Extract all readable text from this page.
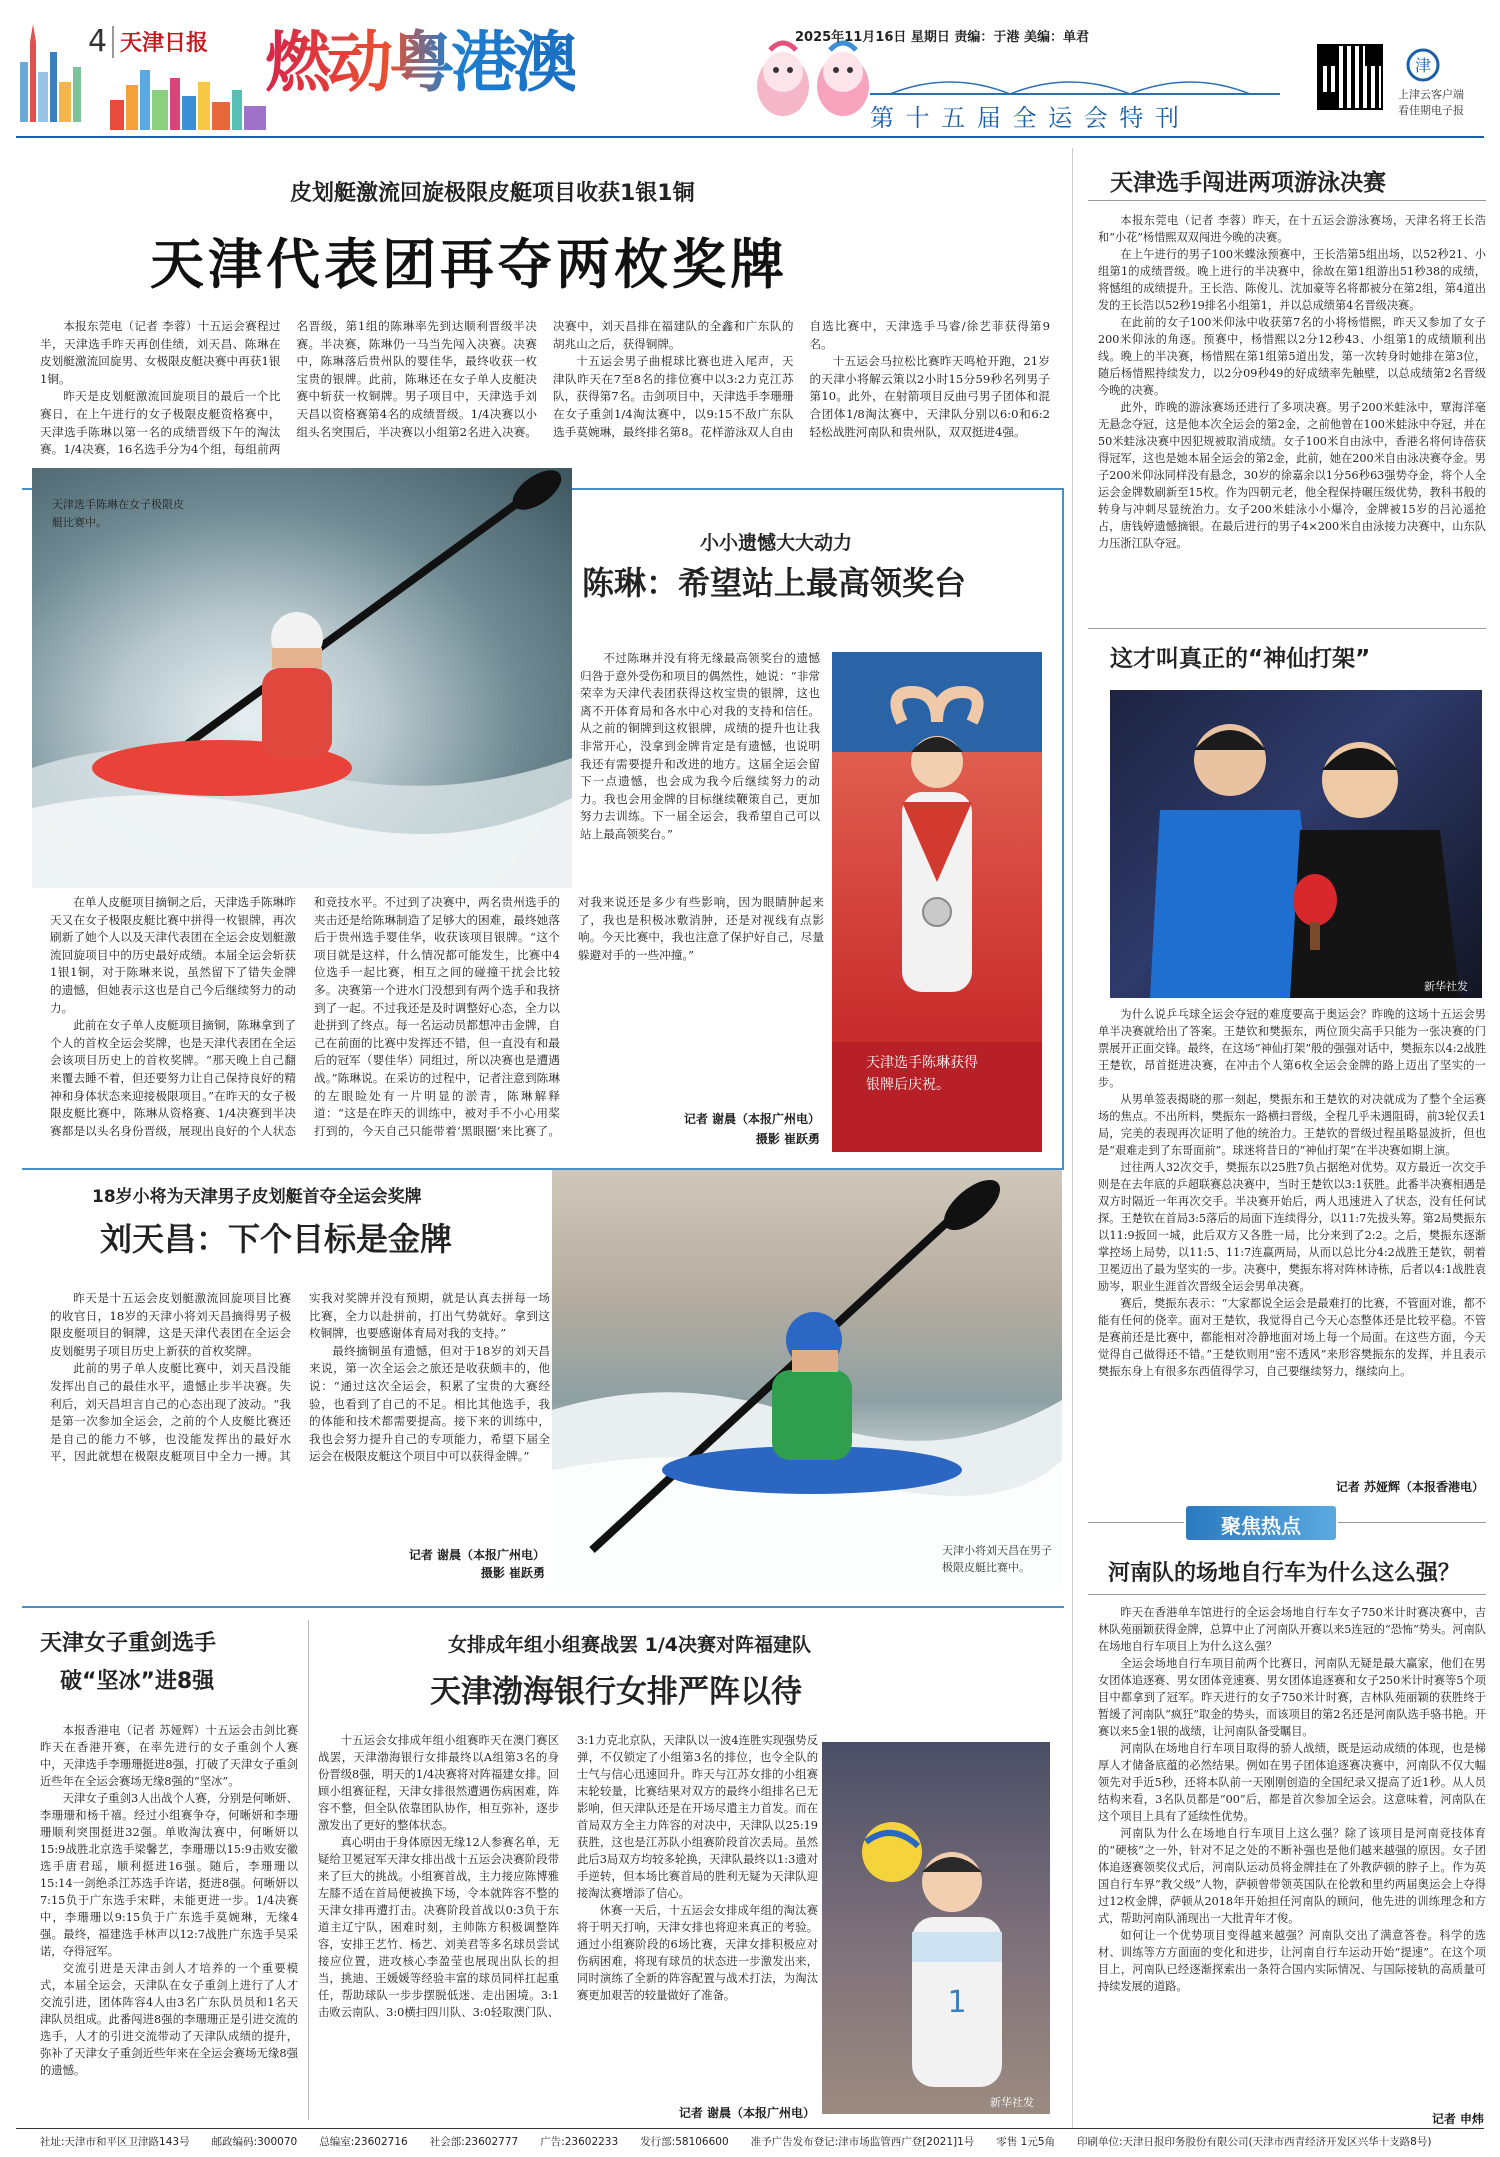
4 天津日报 燃动粤港澳	2025年11月16日 星期日 责编：于港 美编：单君
第 十 五 届 全 运 会 特 刊
津
上津云客户端
看佳期电子报
皮划艇激流回旋极限皮艇项目收获1银1铜
天津代表团再夺两枚奖牌

本报东莞电（记者 李蓉）十五运会赛程过半，天津选手昨天再创佳绩，刘天昌、陈琳在皮划艇激流回旋男、女极限皮艇决赛中再获1银1铜。

昨天是皮划艇激流回旋项目的最后一个比赛日，在上午进行的女子极限皮艇资格赛中，天津选手陈琳以第一名的成绩晋级下午的淘汰赛。1/4决赛，16名选手分为4个组，每组前两名晋级，第1组的陈琳率先到达顺利晋级半决赛。半决赛，陈琳仍一马当先闯入决赛。决赛中，陈琳落后贵州队的婴佳华，最终收获一枚宝贵的银牌。此前，陈琳还在女子单人皮艇决赛中斩获一枚铜牌。男子项目中，天津选手刘天昌以资格赛第4名的成绩晋级。1/4决赛以小组头名突围后，半决赛以小组第2名进入决赛。决赛中，刘天昌排在福建队的全鑫和广东队的胡兆山之后，获得铜牌。

十五运会男子曲棍球比赛也进入尾声，天津队昨天在7至8名的排位赛中以3:2力克江苏队，获得第7名。击剑项目中，天津选手李珊珊在女子重剑1/4淘汰赛中，以9:15不敌广东队选手莫婉琳，最终排名第8。花样游泳双人自由自选比赛中，天津选手马睿/徐艺菲获得第9名。

十五运会马拉松比赛昨天鸣枪开跑，21岁的天津小将解云策以2小时15分59秒名列男子第10。此外，在射箭项目反曲弓男子团体和混合团体1/8淘汰赛中，天津队分别以6:0和6:2轻松战胜河南队和贵州队，双双挺进4强。

天津选手陈琳在女子极限皮艇比赛中。
小小遗憾大大动力
陈琳：希望站上最高领奖台

在单人皮艇项目摘铜之后，天津选手陈琳昨天又在女子极限皮艇比赛中拼得一枚银牌，再次刷新了她个人以及天津代表团在全运会皮划艇激流回旋项目中的历史最好成绩。本届全运会斩获1银1铜，对于陈琳来说，虽然留下了错失金牌的遗憾，但她表示这也是自己今后继续努力的动力。

此前在女子单人皮艇项目摘铜，陈琳拿到了个人的首枚全运会奖牌，也是天津代表团在全运会该项目历史上的首枚奖牌。“那天晚上自己翻来覆去睡不着，但还要努力让自己保持良好的精神和身体状态来迎接极限项目。”在昨天的女子极限皮艇比赛中，陈琳从资格赛、1/4决赛到半决赛都是以头名身份晋级，展现出良好的个人状态和竞技水平。不过到了决赛中，两名贵州选手的夹击还是给陈琳制造了足够大的困难，最终她落后于贵州选手婴佳华，收获该项目银牌。“这个项目就是这样，什么情况都可能发生，比赛中4位选手一起比赛，相互之间的碰撞干扰会比较多。决赛第一个进水门没想到有两个选手和我挤到了一起。不过我还是及时调整好心态，全力以赴拼到了终点。每一名运动员都想冲击金牌，自己在前面的比赛中发挥还不错，但一直没有和最后的冠军（婴佳华）同组过，所以决赛也是遭遇战。”陈琳说。在采访的过程中，记者注意到陈琳的左眼睑处有一片明显的淤青，陈琳解释道：“这是在昨天的训练中，被对手不小心用桨打到的，今天自己只能带着‘黑眼圈’来比赛了。对我来说还是多少有些影响，因为眼睛肿起来了，我也是积极冰敷消肿，还是对视线有点影响。今天比赛中，我也注意了保护好自己，尽量躲避对手的一些冲撞。”

不过陈琳并没有将无缘最高领奖台的遗憾归咎于意外受伤和项目的偶然性，她说：“非常荣幸为天津代表团获得这枚宝贵的银牌，这也离不开体育局和各水中心对我的支持和信任。从之前的铜牌到这枚银牌，成绩的提升也让我非常开心，没拿到金牌肯定是有遗憾，也说明我还有需要提升和改进的地方。这届全运会留下一点遗憾，也会成为我今后继续努力的动力。我也会用金牌的目标继续鞭策自己，更加努力去训练。下一届全运会，我希望自己可以站上最高领奖台。”

记者 谢晨（本报广州电）
摄影 崔跃勇
天津选手陈琳获得银牌后庆祝。
18岁小将为天津男子皮划艇首夺全运会奖牌
刘天昌：下个目标是金牌

昨天是十五运会皮划艇激流回旋项目比赛的收官日，18岁的天津小将刘天昌摘得男子极限皮艇项目的铜牌，这是天津代表团在全运会皮划艇男子项目历史上新获的首枚奖牌。

此前的男子单人皮艇比赛中，刘天昌没能发挥出自己的最佳水平，遗憾止步半决赛。失利后，刘天昌坦言自己的心态出现了波动。“我是第一次参加全运会，之前的个人皮艇比赛还是自己的能力不够，也没能发挥出的最好水平，因此就想在极限皮艇项目中全力一搏。其实我对奖牌并没有预期，就是认真去拼每一场比赛，全力以赴拼前，打出气势就好。拿到这枚铜牌，也要感谢体育局对我的支持。”

最终摘铜虽有遗憾，但对于18岁的刘天昌来说，第一次全运会之旅还是收获颇丰的，他说：“通过这次全运会，积累了宝贵的大赛经验，也看到了自己的不足。相比其他选手，我的体能和技术都需要提高。接下来的训练中，我也会努力提升自己的专项能力，希望下届全运会在极限皮艇这个项目中可以获得金牌。”

记者 谢晨（本报广州电）
摄影 崔跃勇
天津小将刘天昌在男子极限皮艇比赛中。
天津女子重剑选手
破“坚冰”进8强

本报香港电（记者 苏娅辉）十五运会击剑比赛昨天在香港开赛，在率先进行的女子重剑个人赛中，天津选手李珊珊挺进8强，打破了天津女子重剑近些年在全运会赛场无缘8强的“坚冰”。

天津女子重剑3人出战个人赛，分别是何晰妍、李珊珊和杨千禧。经过小组赛争夺，何晰妍和李珊珊顺利突围挺进32强。单败淘汰赛中，何晰妍以15:9战胜北京选手梁馨艺，李珊珊以15:9击败安徽选手唐君瑶，顺利挺进16强。随后，李珊珊以15:14一剑绝杀江苏选手许诺，挺进8强。何晰妍以7:15负于广东选手宋畔，未能更进一步。1/4决赛中，李珊珊以9:15负于广东选手莫婉琳，无缘4强。最终，福建选手林声以12:7战胜广东选手吴采诺，夺得冠军。

交流引进是天津击剑人才培养的一个重要模式，本届全运会，天津队在女子重剑上进行了人才交流引进，团体阵容4人由3名广东队员员和1名天津队员组成。此番闯进8强的李珊珊正是引进交流的选手，人才的引进交流带动了天津队成绩的提升，弥补了天津女子重剑近些年来在全运会赛场无缘8强的遗憾。

女排成年组小组赛战罢 1/4决赛对阵福建队
天津渤海银行女排严阵以待

十五运会女排成年组小组赛昨天在澳门赛区战罢，天津渤海银行女排最终以A组第3名的身份晋级8强，明天的1/4决赛将对阵福建女排。回顾小组赛征程，天津女排很然遭遇伤病困难，阵容不整，但全队依靠团队协作，相互弥补，逐步激发出了更好的整体状态。

真心明由于身体原因无缘12人参赛名单，无疑给卫冕冠军天津女排出战十五运会决赛阶段带来了巨大的挑战。小组赛首战，主力接应陈博雅左膝不适在首局便被换下场，令本就阵容不整的天津女排再遭打击。决赛阶段首战以0:3负于东道主辽宁队，困难时刻，主帅陈方积极调整阵容，安排王艺竹、杨艺、刘美君等多名球员尝试接应位置，进攻核心李盈莹也展现出队长的担当，挑迪、王媛媛等经验丰富的球员同样扛起重任，帮助球队一步步摆脱低迷、走出困境。3:1击败云南队、3:0横扫四川队、3:0轻取澳门队、3:1力克北京队，天津队以一波4连胜实现强势反弹，不仅锁定了小组第3名的排位，也令全队的士气与信心迅速回升。昨天与江苏女排的小组赛末轮较量，比赛结果对双方的最终小组排名已无影响，但天津队还是在开场尽遣主力首发。而在首局双方全主力阵容的对决中，天津队以25:19获胜，这也是江苏队小组赛阶段首次丢局。虽然此后3局双方均较多轮换，天津队最终以1:3遗对手逆转，但本场比赛首局的胜利无疑为天津队迎接淘汰赛增添了信心。

休赛一天后，十五运会女排成年组的淘汰赛将于明天打响，天津女排也将迎来真正的考验。通过小组赛阶段的6场比赛，天津女排积极应对伤病困难，将现有球员的状态进一步激发出来，同时演练了全新的阵容配置与战术打法，为淘汰赛更加艰苦的较量做好了准备。

记者 谢晨（本报广州电）
1
新华社发
天津选手闯进两项游泳决赛

本报东莞电（记者 李蓉）昨天，在十五运会游泳赛场，天津名将王长浩和“小花”杨惜熙双双闯进今晚的决赛。

在上午进行的男子100米蝶泳预赛中，王长浩第5组出场，以52秒21、小组第1的成绩晋级。晚上进行的半决赛中，徐故在第1组游出51秒38的成绩，将憾组的成绩提升。王长浩、陈俊儿、沈加豪等名将都被分在第2组，第4道出发的王长浩以52秒19排名小组第1，并以总成绩第4名晋级决赛。

在此前的女子100米仰泳中收获第7名的小将杨惜熙，昨天又参加了女子200米仰泳的角逐。预赛中，杨惜熙以2分12秒43、小组第1的成绩顺利出线。晚上的半决赛，杨惜熙在第1组第5道出发，第一次转身时她排在第3位，随后杨惜熙持续发力，以2分09秒49的好成绩率先触壁，以总成绩第2名晋级今晚的决赛。

此外，昨晚的游泳赛场还进行了多项决赛。男子200米蛙泳中，覃海洋毫无悬念夺冠，这是他本次全运会的第2金，之前他曾在100米蛙泳中夺冠，并在50米蛙泳决赛中因犯规被取消成绩。女子100米自由泳中，香港名将何诗蓓获得冠军，这也是她本届全运会的第2金，此前，她在200米自由泳决赛夺金。男子200米仰泳同样没有悬念，30岁的徐嘉余以1分56秒63强势夺金，将个人全运会金牌数刷新至15枚。作为四朝元老，他全程保持碾压级优势，教科书般的转身与冲刺尽显统治力。女子200米蛙泳小小爆冷，金牌被15岁的吕沁遥抢占，唐钱婷遗憾摘银。在最后进行的男子4×200米自由泳接力决赛中，山东队力压浙江队夺冠。

这才叫真正的“神仙打架”
新华社发

为什么说乒乓球全运会夺冠的难度要高于奥运会？昨晚的这场十五运会男单半决赛就给出了答案。王楚钦和樊振东，两位顶尖高手只能为一张决赛的门票展开正面交锋。最终，在这场“神仙打架”般的强强对话中，樊振东以4:2战胜王楚钦，昂首挺进决赛，在冲击个人第6枚全运会金牌的路上迈出了坚实的一步。

从男单签表揭晓的那一刻起，樊振东和王楚钦的对决就成为了整个全运赛场的焦点。不出所料，樊振东一路横扫晋级，全程几乎未遇阻碍，前3轮仅丢1局，完美的表现再次证明了他的统治力。王楚钦的晋级过程虽略显波折，但也是“艰难走到了东哥面前”。球迷将昔日的“神仙打架”在半决赛如期上演。

过往两人32次交手，樊振东以25胜7负占据绝对优势。双方最近一次交手则是在去年底的乒超联赛总决赛中，当时王楚钦以3:1获胜。此番半决赛相遇是双方时隔近一年再次交手。半决赛开始后，两人迅速进入了状态，没有任何试探。王楚钦在首局3:5落后的局面下连续得分，以11:7先拔头筹。第2局樊振东以11:9扳回一城，此后双方又各胜一局，比分来到了2:2。之后，樊振东逐渐掌控场上局势，以11:5、11:7连赢两局，从而以总比分4:2战胜王楚钦，朝着卫冕迈出了最为坚实的一步。决赛中，樊振东将对阵林诗栋，后者以4:1战胜袁励岑，职业生涯首次晋级全运会男单决赛。

赛后，樊振东表示：“大家都说全运会是最难打的比赛，不管面对谁，都不能有任何的侥幸。面对王楚钦，我觉得自己今天心态整体还是比较平稳。不管是赛前还是比赛中，都能相对冷静地面对场上每一个局面。在这些方面，今天觉得自己做得还不错。”王楚钦则用“密不透风”来形容樊振东的发挥，并且表示樊振东身上有很多东西值得学习，自己要继续努力，继续向上。

记者 苏娅辉（本报香港电）
聚焦热点
河南队的场地自行车为什么这么强？

昨天在香港单车馆进行的全运会场地自行车女子750米计时赛决赛中，吉林队苑丽颖获得金牌，总算中止了河南队开赛以来5连冠的“恐怖”势头。河南队在场地自行车项目上为什么这么强？

全运会场地自行车项目前两个比赛日，河南队无疑是最大赢家，他们在男女团体追逐赛、男女团体竞速赛、男女团体追逐赛和女子250米计时赛等5个项目中都拿到了冠军。昨天进行的女子750米计时赛，吉林队苑丽颖的获胜终于暂缓了河南队“疯狂”取金的势头，而该项目的第2名还是河南队选手骆书艳。开赛以来5金1银的战绩，让河南队备受瞩目。

河南队在场地自行车项目取得的骄人战绩，既是运动成绩的体现，也是梯厚人才储备底蕴的必然结果。例如在男子团体追逐赛决赛中，河南队不仅大幅领先对手近5秒，还将本队前一天刚刚创造的全国纪录又提高了近1秒。从人员结构来看，3名队员都是“00”后，都是首次参加全运会。这意味着，河南队在这个项目上具有了延续性优势。

河南队为什么在场地自行车项目上这么强？除了该项目是河南竞技体育的“硬核”之一外，针对不足之处的不断补强也是他们越来越强的原因。女子团体追逐赛领奖仪式后，河南队运动员将金牌挂在了外教萨顿的脖子上。作为英国自行车界“教父级”人物，萨顿曾带领英国队在伦敦和里约两届奥运会上夺得过12枚金牌，萨顿从2018年开始担任河南队的顾问，他先进的训练理念和方式，帮助河南队涌现出一大批青年才俊。

如何让一个优势项目变得越来越强？河南队交出了满意答卷。科学的选材、训练等方方面面的变化和进步，让河南自行车运动开始“提速”。在这个项目上，河南队已经逐渐探索出一条符合国内实际情况、与国际接轨的高质量可持续发展的道路。

记者 申炜
社址:天津市和平区卫津路143号 邮政编码:300070 总编室:23602716 社会部:23602777 广告:23602233 发行部:58106600 准予广告发布登记:津市场监管西广登[2021]1号 零售 1元5角 印刷单位:天津日报印务股份有限公司(天津市西青经济开发区兴华十支路8号)
